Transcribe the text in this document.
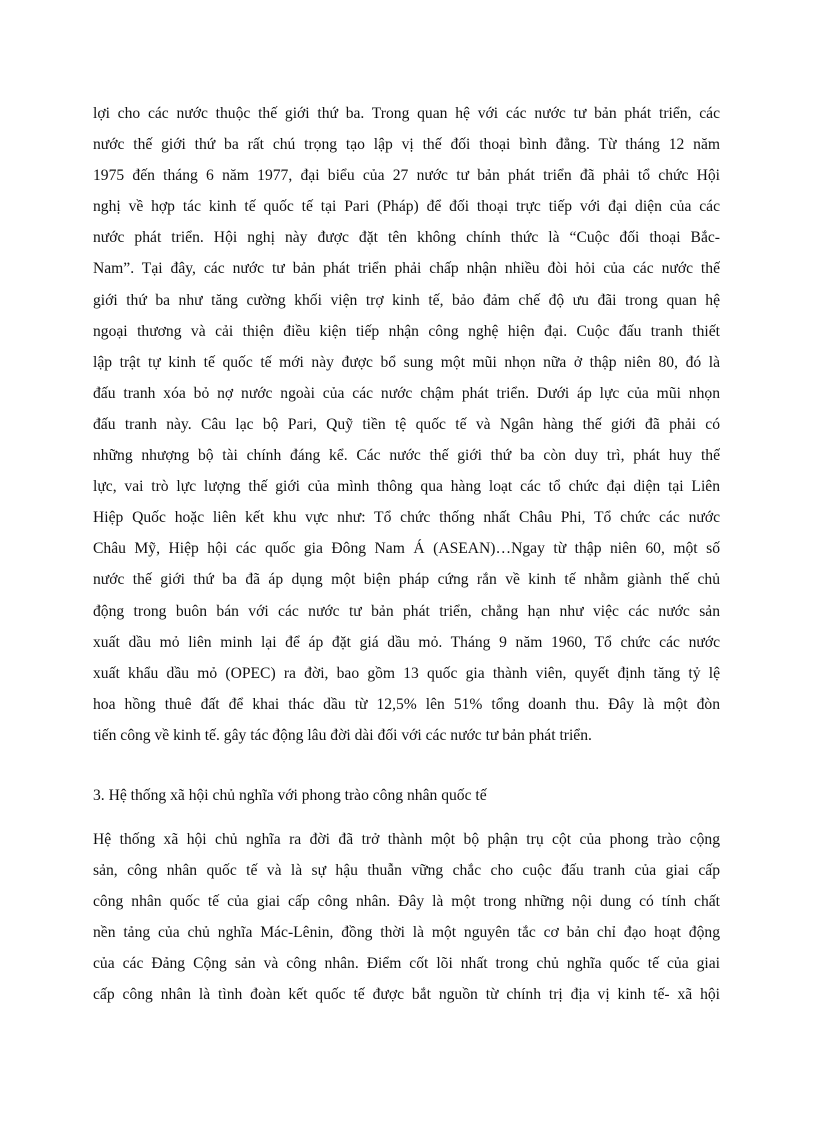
lợi cho các nước thuộc thế giới thứ ba. Trong quan hệ với các nước tư bản phát triển, các
nước thế giới thứ ba rất chú trọng tạo lập vị thế đối thoại bình đẳng. Từ tháng 12 năm
1975 đến tháng 6 năm 1977, đại biểu của 27 nước tư bản phát triển đã phải tổ chức Hội
nghị về hợp tác kinh tế quốc tế tại Pari (Pháp) để đối thoại trực tiếp với đại diện của các
nước phát triển. Hội nghị này được đặt tên không chính thức là “Cuộc đối thoại Bắc-
Nam”. Tại đây, các nước tư bản phát triển phải chấp nhận nhiều đòi hỏi của các nước thế
giới thứ ba như tăng cường khối viện trợ kinh tế, bảo đảm chế độ ưu đãi trong quan hệ
ngoại thương và cải thiện điều kiện tiếp nhận công nghệ hiện đại. Cuộc đấu tranh thiết
lập trật tự kinh tế quốc tế mới này được bổ sung một mũi nhọn nữa ở thập niên 80, đó là
đấu tranh xóa bỏ nợ nước ngoài của các nước chậm phát triển. Dưới áp lực của mũi nhọn
đấu tranh này. Câu lạc bộ Pari, Quỹ tiền tệ quốc tế và Ngân hàng thế giới đã phải có
những nhượng bộ tài chính đáng kể. Các nước thế giới thứ ba còn duy trì, phát huy thế
lực, vai trò lực lượng thế giới của mình thông qua hàng loạt các tổ chức đại diện tại Liên
Hiệp Quốc hoặc liên kết khu vực như: Tổ chức thống nhất Châu Phi, Tổ chức các nước
Châu Mỹ, Hiệp hội các quốc gia Đông Nam Á (ASEAN)…Ngay từ thập niên 60, một số
nước thế giới thứ ba đã áp dụng một biện pháp cứng rắn về kinh tế nhằm giành thế chủ
động trong buôn bán với các nước tư bản phát triển, chẳng hạn như việc các nước sản
xuất dầu mỏ liên minh lại để áp đặt giá dầu mỏ. Tháng 9 năm 1960, Tổ chức các nước
xuất khẩu dầu mỏ (OPEC) ra đời, bao gồm 13 quốc gia thành viên, quyết định tăng tỷ lệ
hoa hồng thuê đất để khai thác dầu từ 12,5% lên 51% tổng doanh thu. Đây là một đòn
tiến công về kinh tế. gây tác động lâu đời dài đối với các nước tư bản phát triển.
3. Hệ thống xã hội chủ nghĩa với phong trào công nhân quốc tế
Hệ thống xã hội chủ nghĩa ra đời đã trở thành một bộ phận trụ cột của phong trào cộng
sản, công nhân quốc tế và là sự hậu thuẫn vững chắc cho cuộc đấu tranh của giai cấp
công nhân quốc tế của giai cấp công nhân. Đây là một trong những nội dung có tính chất
nền tảng của chủ nghĩa Mác-Lênin, đồng thời là một nguyên tắc cơ bản chỉ đạo hoạt động
của các Đảng Cộng sản và công nhân. Điểm cốt lõi nhất trong chủ nghĩa quốc tế của giai
cấp công nhân là tình đoàn kết quốc tế được bắt nguồn từ chính trị địa vị kinh tế- xã hội
